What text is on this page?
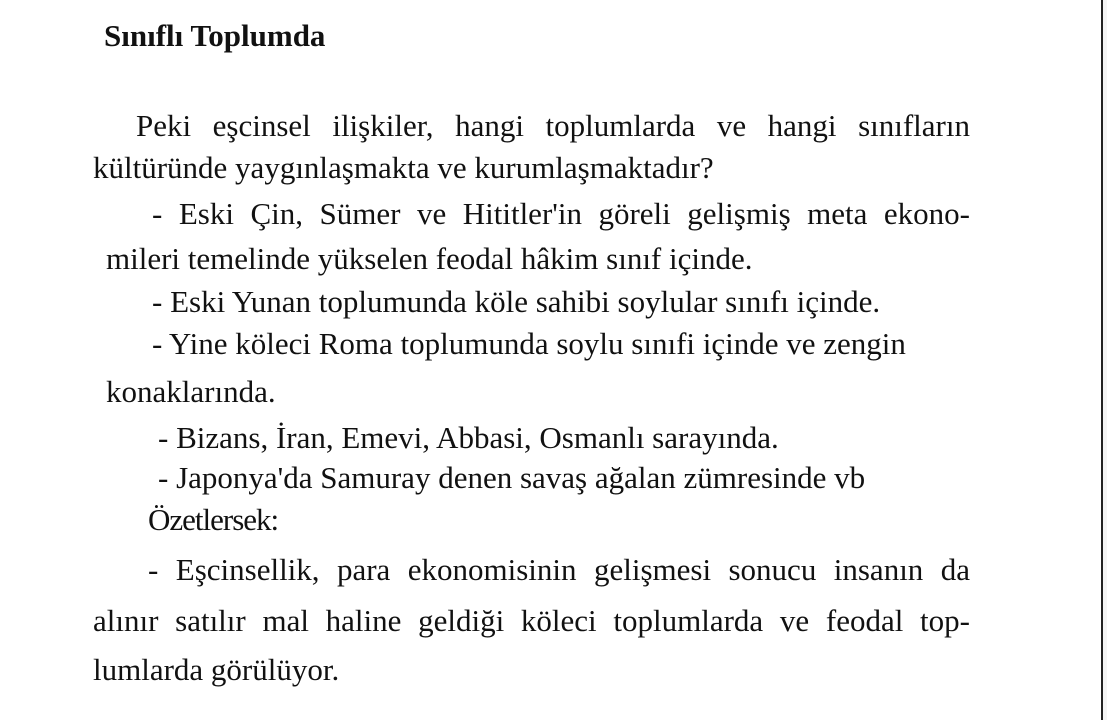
Sınıflı Toplumda
Peki eşcinsel ilişkiler, hangi toplumlarda ve hangi sınıfların
kültüründe yaygınlaşmakta ve kurumlaşmaktadır?
- Eski Çin, Sümer ve Hititler'in göreli gelişmiş meta ekono-
mileri temelinde yükselen feodal hâkim sınıf içinde.
- Eski Yunan toplumunda köle sahibi soylular sınıfı içinde.
- Yine köleci Roma toplumunda soylu sınıfi içinde ve zengin
konaklarında.
- Bizans, İran, Emevi, Abbasi, Osmanlı sarayında.
- Japonya'da Samuray denen savaş ağalan zümresinde vb
Özetlersek:
- Eşcinsellik, para ekonomisinin gelişmesi sonucu insanın da
alınır satılır mal haline geldiği köleci toplumlarda ve feodal top-
lumlarda görülüyor.
